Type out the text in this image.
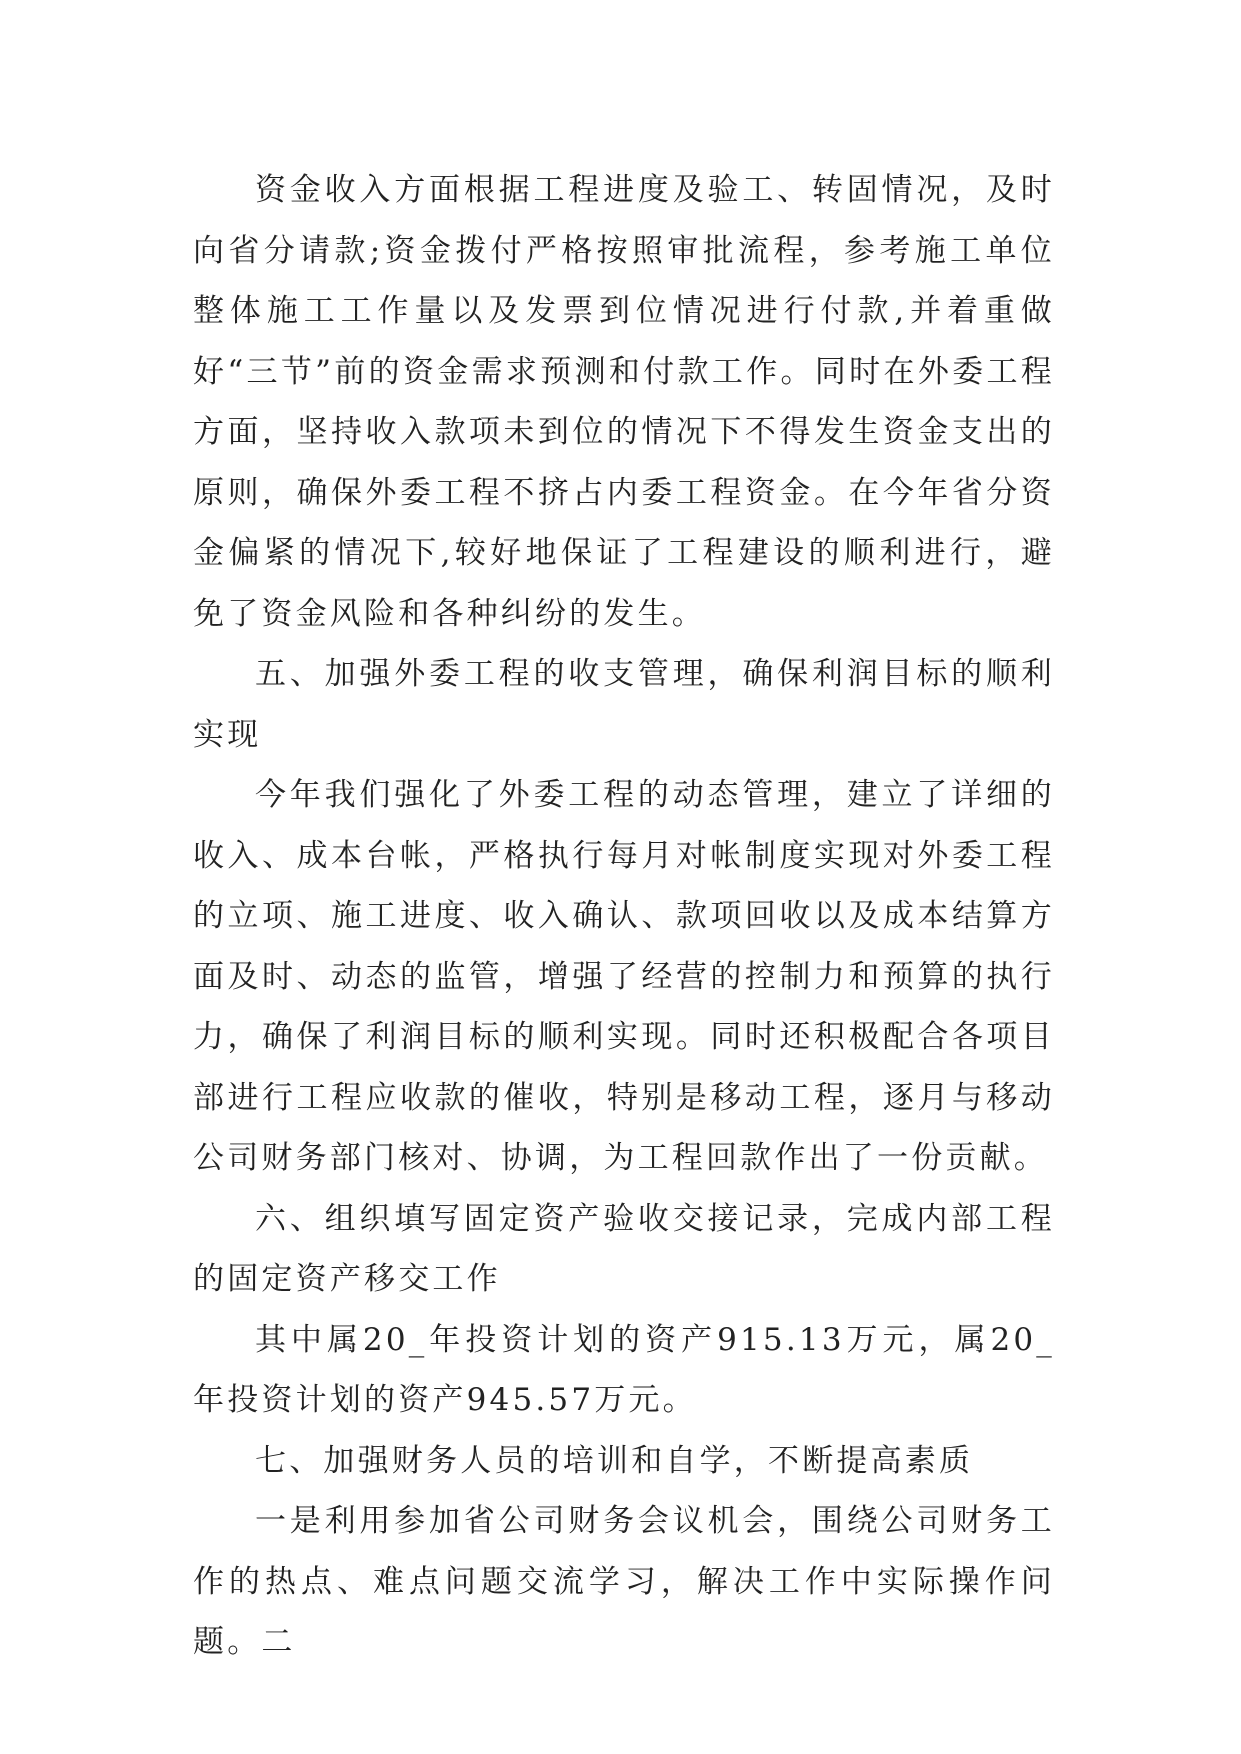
资金收入方面根据工程进度及验工、转固情况，及时向省分请款;资金拨付严格按照审批流程，参考施工单位整体施工工作量以及发票到位情况进行付款,并着重做好“三节”前的资金需求预测和付款工作。同时在外委工程方面，坚持收入款项未到位的情况下不得发生资金支出的原则，确保外委工程不挤占内委工程资金。在今年省分资金偏紧的情况下,较好地保证了工程建设的顺利进行，避免了资金风险和各种纠纷的发生。

五、加强外委工程的收支管理，确保利润目标的顺利实现

今年我们强化了外委工程的动态管理，建立了详细的收入、成本台帐，严格执行每月对帐制度实现对外委工程的立项、施工进度、收入确认、款项回收以及成本结算方面及时、动态的监管，增强了经营的控制力和预算的执行力，确保了利润目标的顺利实现。同时还积极配合各项目部进行工程应收款的催收，特别是移动工程，逐月与移动公司财务部门核对、协调，为工程回款作出了一份贡献。

六、组织填写固定资产验收交接记录，完成内部工程的固定资产移交工作

其中属20_年投资计划的资产915.13万元，属20_年投资计划的资产945.57万元。

七、加强财务人员的培训和自学，不断提高素质

一是利用参加省公司财务会议机会，围绕公司财务工作的热点、难点问题交流学习，解决工作中实际操作问题。二
